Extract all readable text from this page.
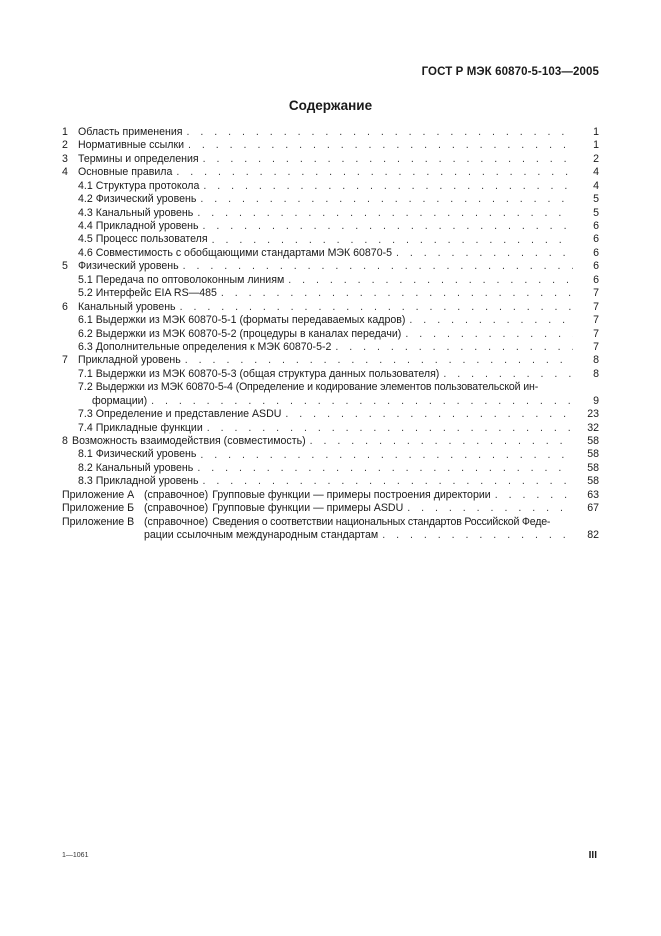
ГОСТ Р МЭК 60870-5-103—2005
Содержание
1 Область применения . . .	1
2 Нормативные ссылки . . .	1
3 Термины и определения . . .	2
4 Основные правила . . .	4
4.1 Структура протокола . . .	4
4.2 Физический уровень . . .	5
4.3 Канальный уровень . . .	5
4.4 Прикладной уровень . . .	6
4.5 Процесс пользователя . . .	6
4.6 Совместимость с обобщающими стандартами МЭК 60870-5 . . .	6
5 Физический уровень . . .	6
5.1 Передача по оптоволоконным линиям . . .	6
5.2 Интерфейс EIA RS—485 . . .	7
6 Канальный уровень . . .	7
6.1 Выдержки из МЭК 60870-5-1 (форматы передаваемых кадров) . . .	7
6.2 Выдержки из МЭК 60870-5-2 (процедуры в каналах передачи) . . .	7
6.3 Дополнительные определения к МЭК 60870-5-2 . . .	7
7 Прикладной уровень . . .	8
7.1 Выдержки из МЭК 60870-5-3 (общая структура данных пользователя) . . .	8
7.2 Выдержки из МЭК 60870-5-4 (Определение и кодирование элементов пользовательской ин-
формации) . . .	9
7.3 Определение и представление ASDU . . .	23
7.4 Прикладные функции . . .	32
8 Возможность взаимодействия (совместимость) . . .	58
8.1 Физический уровень . . .	58
8.2 Канальный уровень . . .	58
8.3 Прикладной уровень . . .	58
Приложение А (справочное) Групповые функции — примеры построения директории . . .	63
Приложение Б (справочное) Групповые функции — примеры ASDU . . .	67
Приложение В (справочное) Сведения о соответствии национальных стандартов Российской Феде-
рации ссылочным международным стандартам . . .	82
1—1061	III
